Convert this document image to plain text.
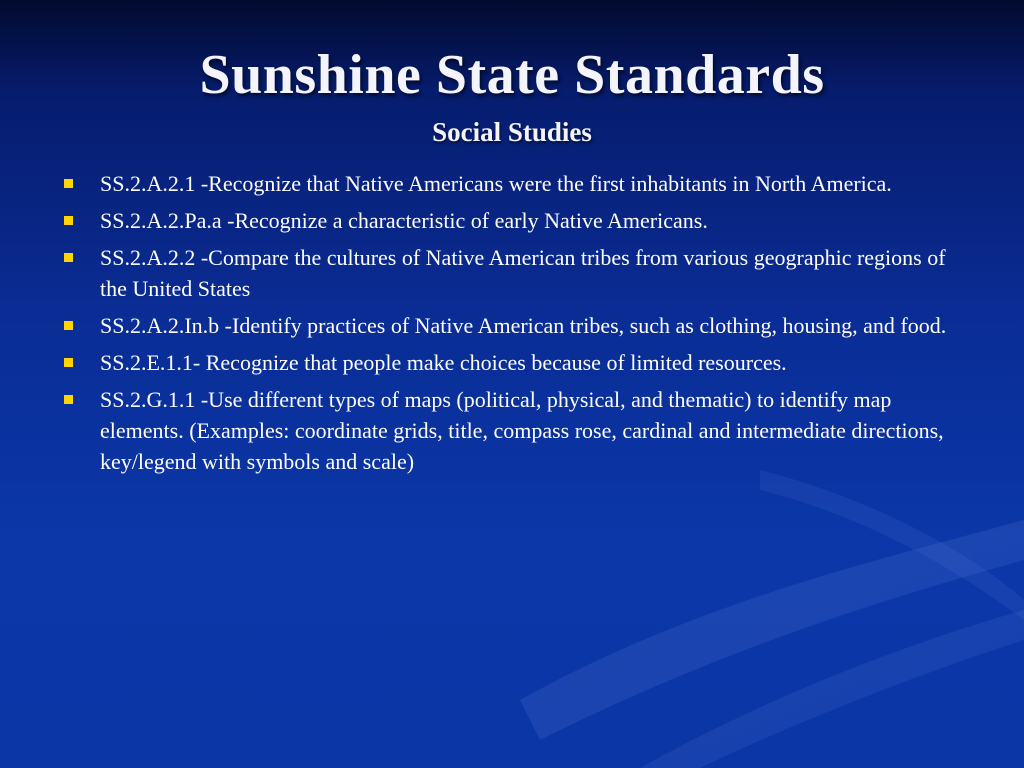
Sunshine State Standards
Social Studies
SS.2.A.2.1 -Recognize that Native Americans were the first inhabitants in North America.
SS.2.A.2.Pa.a -Recognize a characteristic of early Native Americans.
SS.2.A.2.2 -Compare the cultures of Native American tribes from various geographic regions of the United States
SS.2.A.2.In.b -Identify practices of Native American tribes, such as clothing, housing, and food.
SS.2.E.1.1- Recognize that people make choices because of limited resources.
SS.2.G.1.1 -Use different types of maps (political, physical, and thematic) to identify map elements. (Examples: coordinate grids, title, compass rose, cardinal and intermediate directions, key/legend with symbols and scale)
